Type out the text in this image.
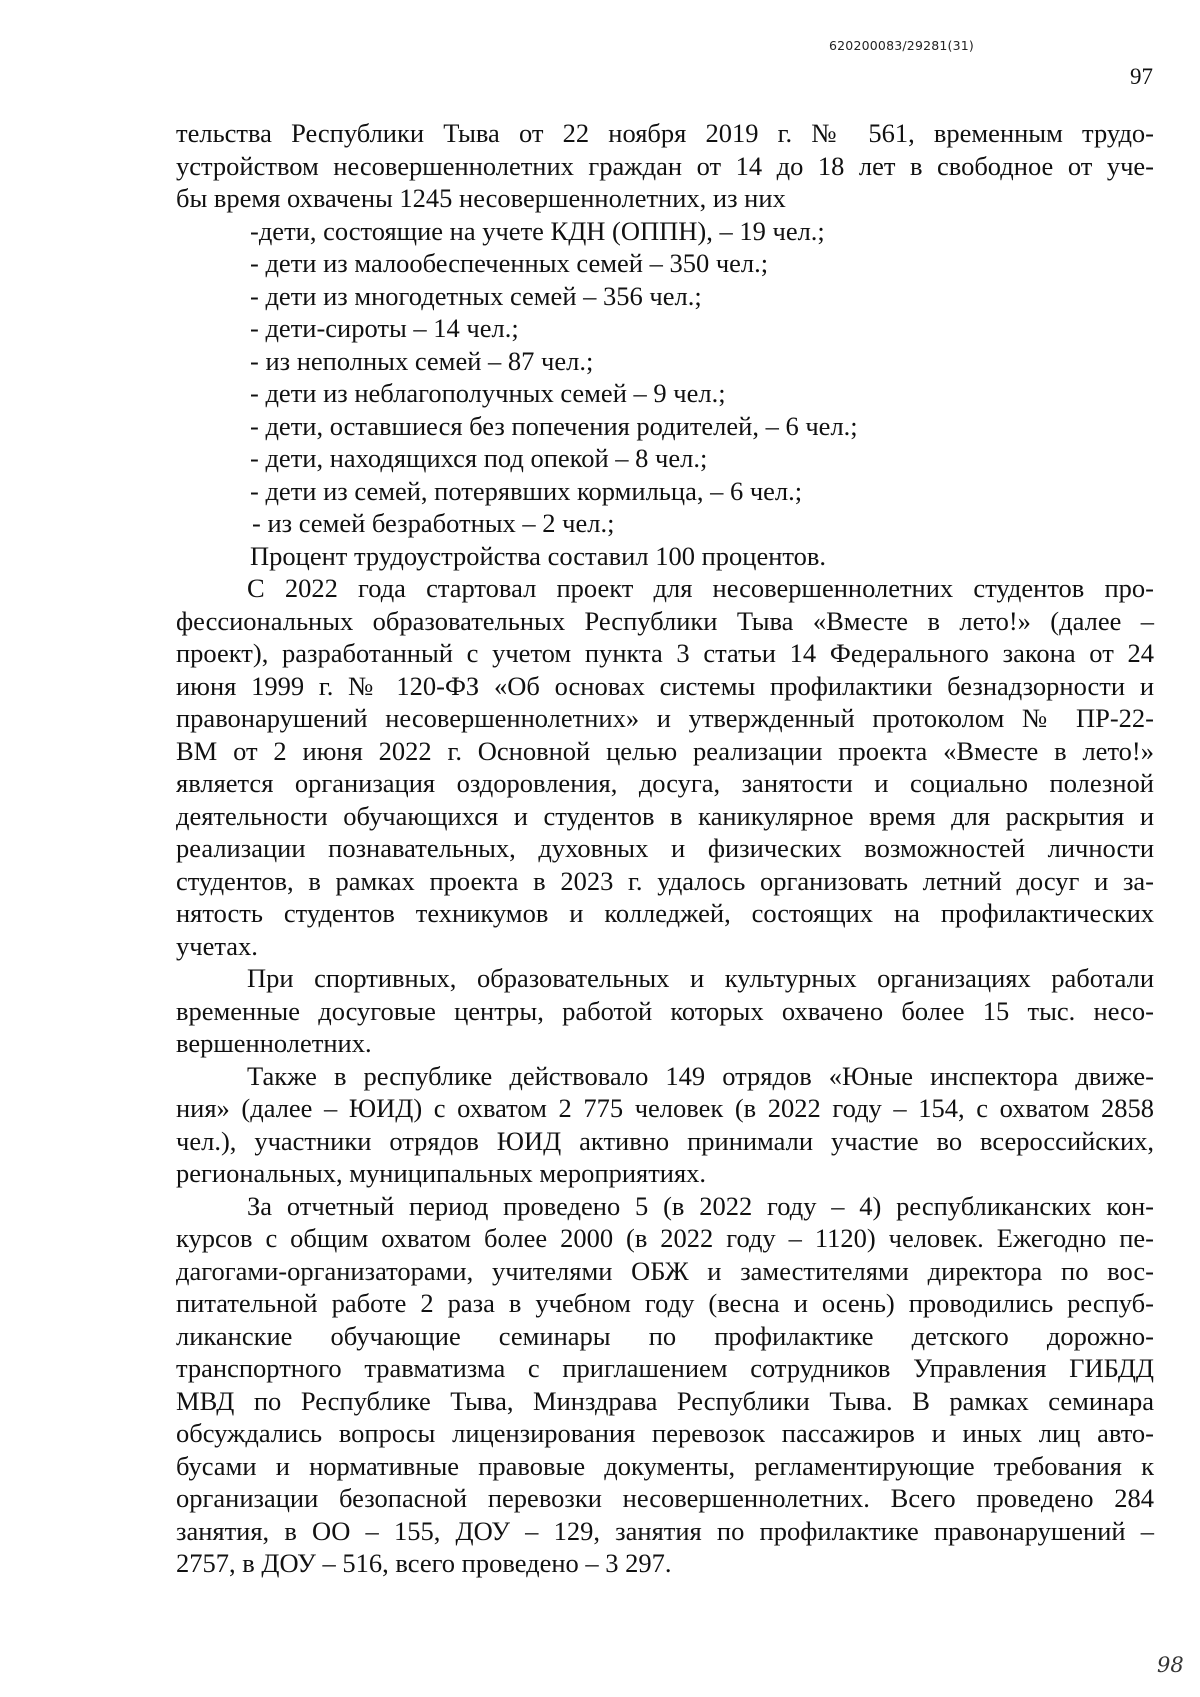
620200083/29281(31)
97
тельства Республики Тыва от 22 ноября 2019 г. № 561, временным трудо-
устройством несовершеннолетних граждан от 14 до 18 лет в свободное от уче-
бы время охвачены 1245 несовершеннолетних, из них
-дети, состоящие на учете КДН (ОППН), – 19 чел.;
- дети из малообеспеченных семей – 350 чел.;
- дети из многодетных семей – 356 чел.;
- дети-сироты – 14 чел.;
- из неполных семей – 87 чел.;
- дети из неблагополучных семей – 9 чел.;
- дети, оставшиеся без попечения родителей, – 6 чел.;
- дети, находящихся под опекой – 8 чел.;
- дети из семей, потерявших кормильца, – 6 чел.;
- из семей безработных – 2 чел.;
Процент трудоустройства составил 100 процентов.
С 2022 года стартовал проект для несовершеннолетних студентов про-
фессиональных образовательных Республики Тыва «Вместе в лето!» (далее –
проект), разработанный с учетом пункта 3 статьи 14 Федерального закона от 24
июня 1999 г. № 120-ФЗ «Об основах системы профилактики безнадзорности и
правонарушений несовершеннолетних» и утвержденный протоколом № ПР-22-
ВМ от 2 июня 2022 г. Основной целью реализации проекта «Вместе в лето!»
является организация оздоровления, досуга, занятости и социально полезной
деятельности обучающихся и студентов в каникулярное время для раскрытия и
реализации познавательных, духовных и физических возможностей личности
студентов, в рамках проекта в 2023 г. удалось организовать летний досуг и за-
нятость студентов техникумов и колледжей, состоящих на профилактических
учетах.
При спортивных, образовательных и культурных организациях работали
временные досуговые центры, работой которых охвачено более 15 тыс. несо-
вершеннолетних.
Также в республике действовало 149 отрядов «Юные инспектора движе-
ния» (далее – ЮИД) с охватом 2 775 человек (в 2022 году – 154, с охватом 2858
чел.), участники отрядов ЮИД активно принимали участие во всероссийских,
региональных, муниципальных мероприятиях.
За отчетный период проведено 5 (в 2022 году – 4) республиканских кон-
курсов с общим охватом более 2000 (в 2022 году – 1120) человек. Ежегодно пе-
дагогами-организаторами, учителями ОБЖ и заместителями директора по вос-
питательной работе 2 раза в учебном году (весна и осень) проводились респуб-
ликанские обучающие семинары по профилактике детского дорожно-
транспортного травматизма с приглашением сотрудников Управления ГИБДД
МВД по Республике Тыва, Минздрава Республики Тыва. В рамках семинара
обсуждались вопросы лицензирования перевозок пассажиров и иных лиц авто-
бусами и нормативные правовые документы, регламентирующие требования к
организации безопасной перевозки несовершеннолетних. Всего проведено 284
занятия, в ОО – 155, ДОУ – 129, занятия по профилактике правонарушений –
2757, в ДОУ – 516, всего проведено – 3 297.
98
